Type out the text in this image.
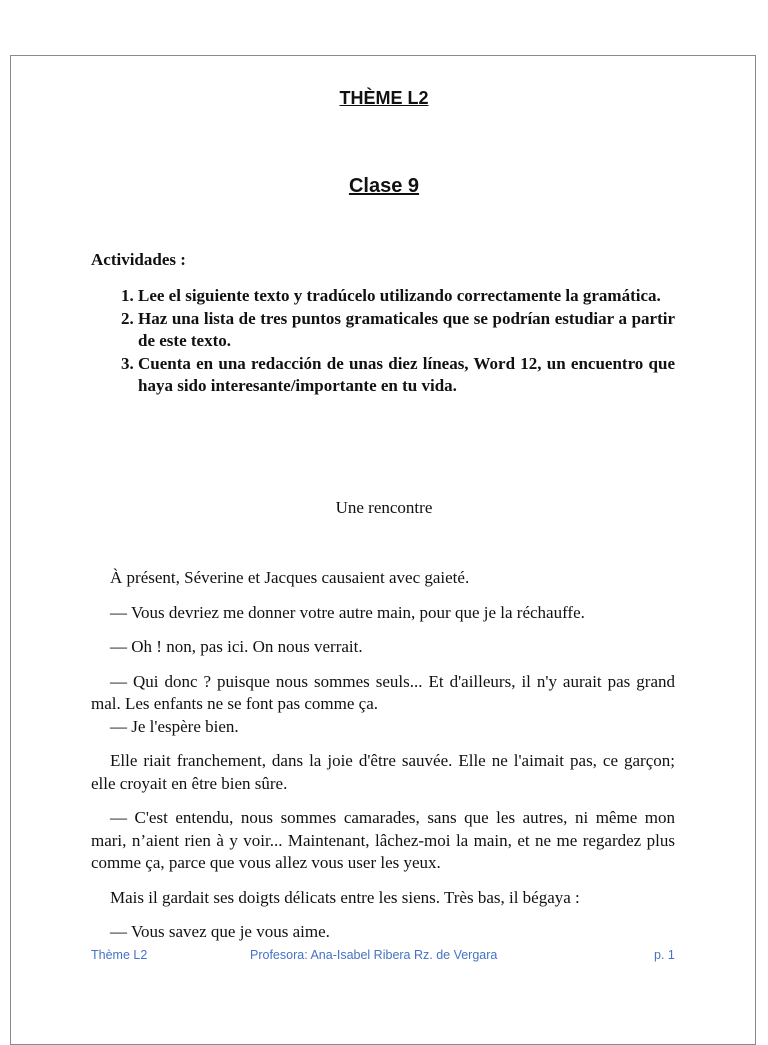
THÈME L2
Clase 9
Actividades :
1. Lee el siguiente texto y tradúcelo utilizando correctamente la gramática.
2. Haz una lista de tres puntos gramaticales que se podrían estudiar a partir de este texto.
3. Cuenta en una redacción de unas diez líneas, Word 12, un encuentro que haya sido interesante/importante en tu vida.
Une rencontre

À présent, Séverine et Jacques causaient avec gaieté.

— Vous devriez me donner votre autre main, pour que je la réchauffe.

— Oh ! non, pas ici. On nous verrait.

— Qui donc ? puisque nous sommes seuls... Et d'ailleurs, il n'y aurait pas grand mal. Les enfants ne se font pas comme ça.

— Je l'espère bien.

Elle riait franchement, dans la joie d'être sauvée. Elle ne l'aimait pas, ce garçon; elle croyait en être bien sûre.

— C'est entendu, nous sommes camarades, sans que les autres, ni même mon mari, n’aient rien à y voir... Maintenant, lâchez-moi la main, et ne me regardez plus comme ça, parce que vous allez vous user les yeux.

Mais il gardait ses doigts délicats entre les siens. Très bas, il bégaya :

— Vous savez que je vous aime.

Thème L2	Profesora: Ana-Isabel Ribera Rz. de Vergara	p. 1
